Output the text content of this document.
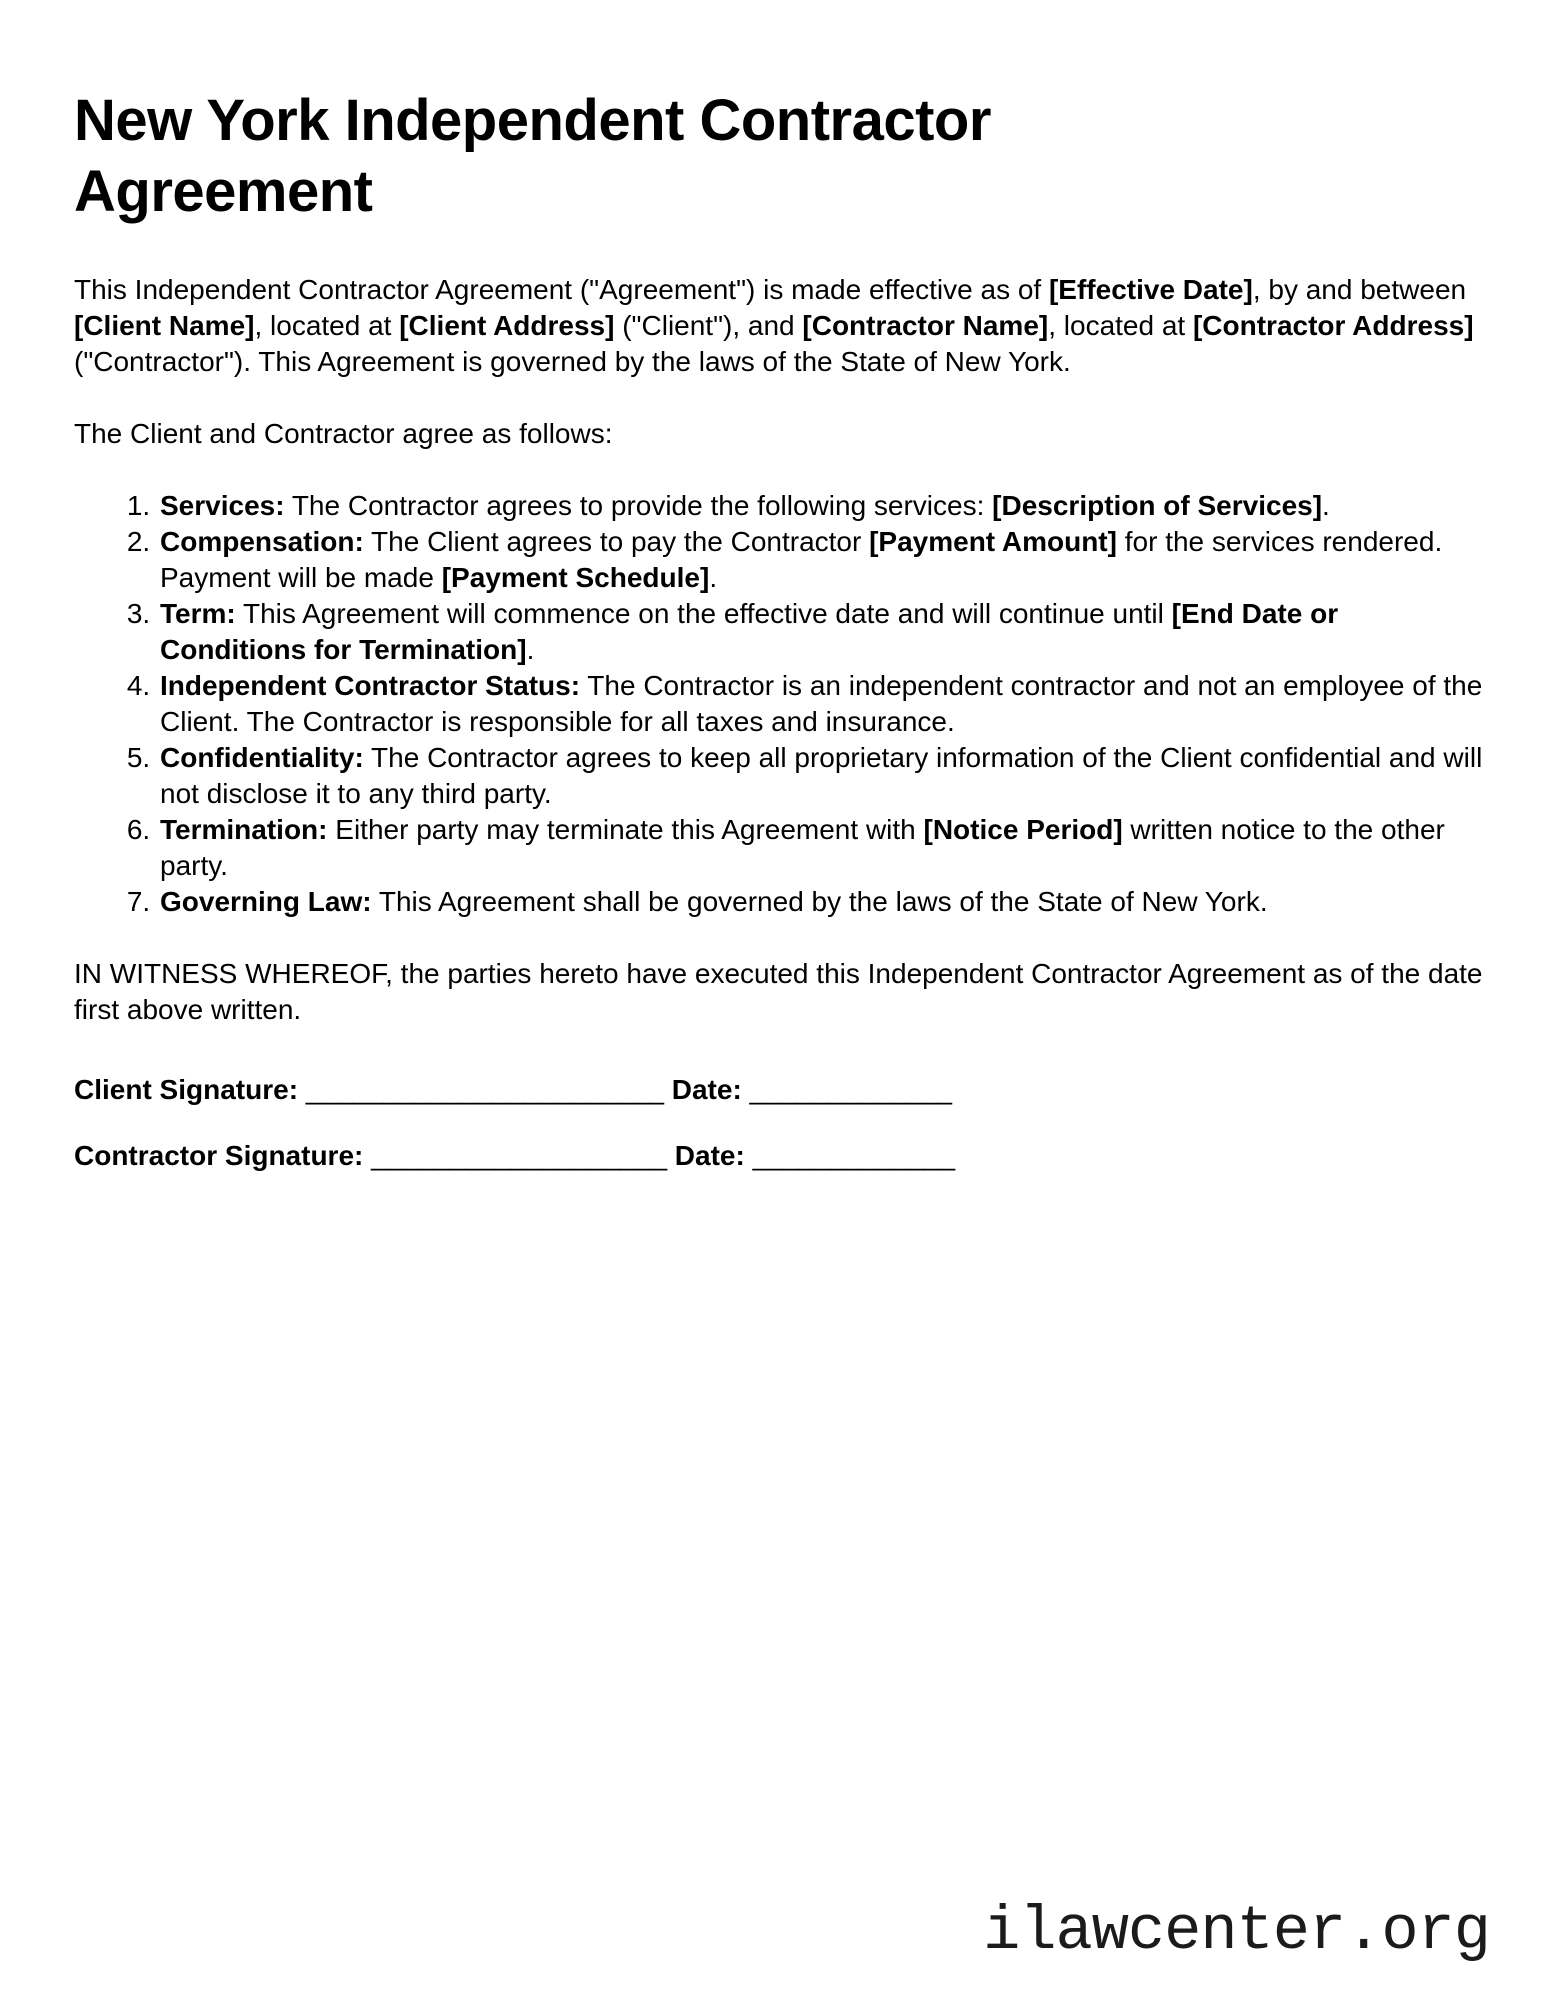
New York Independent Contractor Agreement

This Independent Contractor Agreement ("Agreement") is made effective as of [Effective Date], by and between [Client Name], located at [Client Address] ("Client"), and [Contractor Name], located at [Contractor Address] ("Contractor"). This Agreement is governed by the laws of the State of New York.

The Client and Contractor agree as follows:

1. Services: The Contractor agrees to provide the following services: [Description of Services].
2. Compensation: The Client agrees to pay the Contractor [Payment Amount] for the services rendered. Payment will be made [Payment Schedule].
3. Term: This Agreement will commence on the effective date and will continue until [End Date or Conditions for Termination].
4. Independent Contractor Status: The Contractor is an independent contractor and not an employee of the Client. The Contractor is responsible for all taxes and insurance.
5. Confidentiality: The Contractor agrees to keep all proprietary information of the Client confidential and will not disclose it to any third party.
6. Termination: Either party may terminate this Agreement with [Notice Period] written notice to the other party.
7. Governing Law: This Agreement shall be governed by the laws of the State of New York.

IN WITNESS WHEREOF, the parties hereto have executed this Independent Contractor Agreement as of the date first above written.

Client Signature: _______________________ Date: _____________

Contractor Signature: ___________________ Date: _____________

ilawcenter.org
